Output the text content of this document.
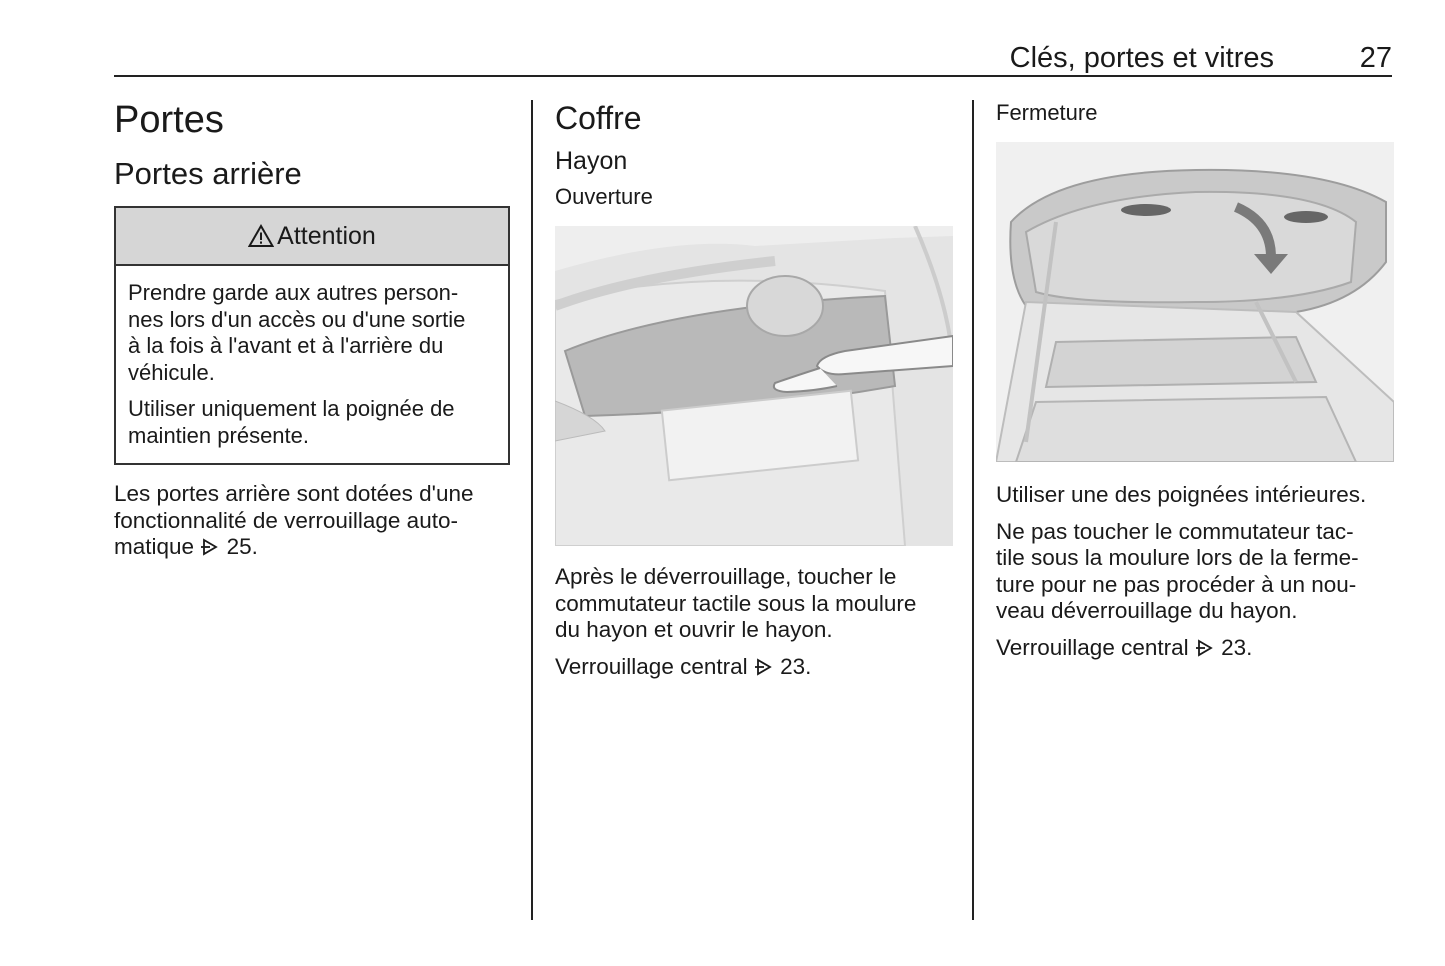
Clés, portes et vitres	27
Portes
Portes arrière
Attention

Prendre garde aux autres person-
nes lors d'un accès ou d'une sortie
à la fois à l'avant et à l'arrière du
véhicule.

Utiliser uniquement la poignée de
maintien présente.

Les portes arrière sont dotées d'une
fonctionnalité de verrouillage auto-
matique 25.

Coffre
Hayon
Ouverture

Après le déverrouillage, toucher le
commutateur tactile sous la moulure
du hayon et ouvrir le hayon.

Verrouillage central 23.

Fermeture

Utiliser une des poignées intérieures.

Ne pas toucher le commutateur tac-
tile sous la moulure lors de la ferme-
ture pour ne pas procéder à un nou-
veau déverrouillage du hayon.

Verrouillage central 23.
